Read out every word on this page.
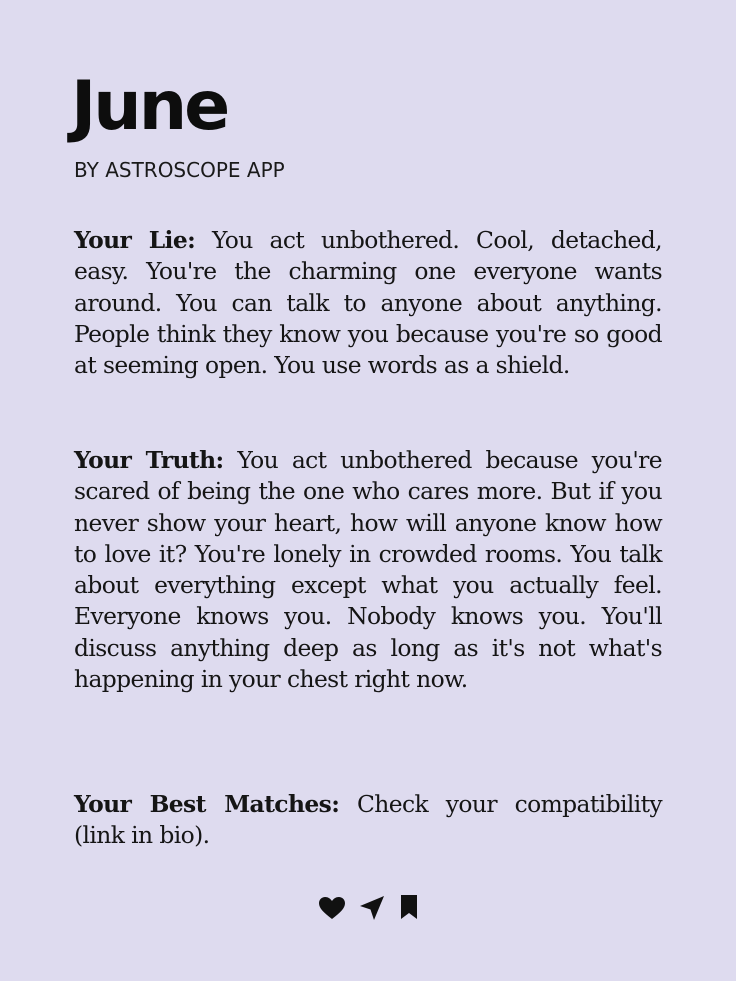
June
BY ASTROSCOPE APP

Your Lie: You act unbothered. Cool, detached, easy. You're the charming one everyone wants around. You can talk to anyone about anything. People think they know you because you're so good at seeming open. You use words as a shield.

Your Truth: You act unbothered because you're scared of being the one who cares more. But if you never show your heart, how will anyone know how to love it? You're lonely in crowded rooms. You talk about everything except what you actually feel. Everyone knows you. Nobody knows you. You'll discuss anything deep as long as it's not what's happening in your chest right now.

Your Best Matches: Check your compatibility (link in bio).
